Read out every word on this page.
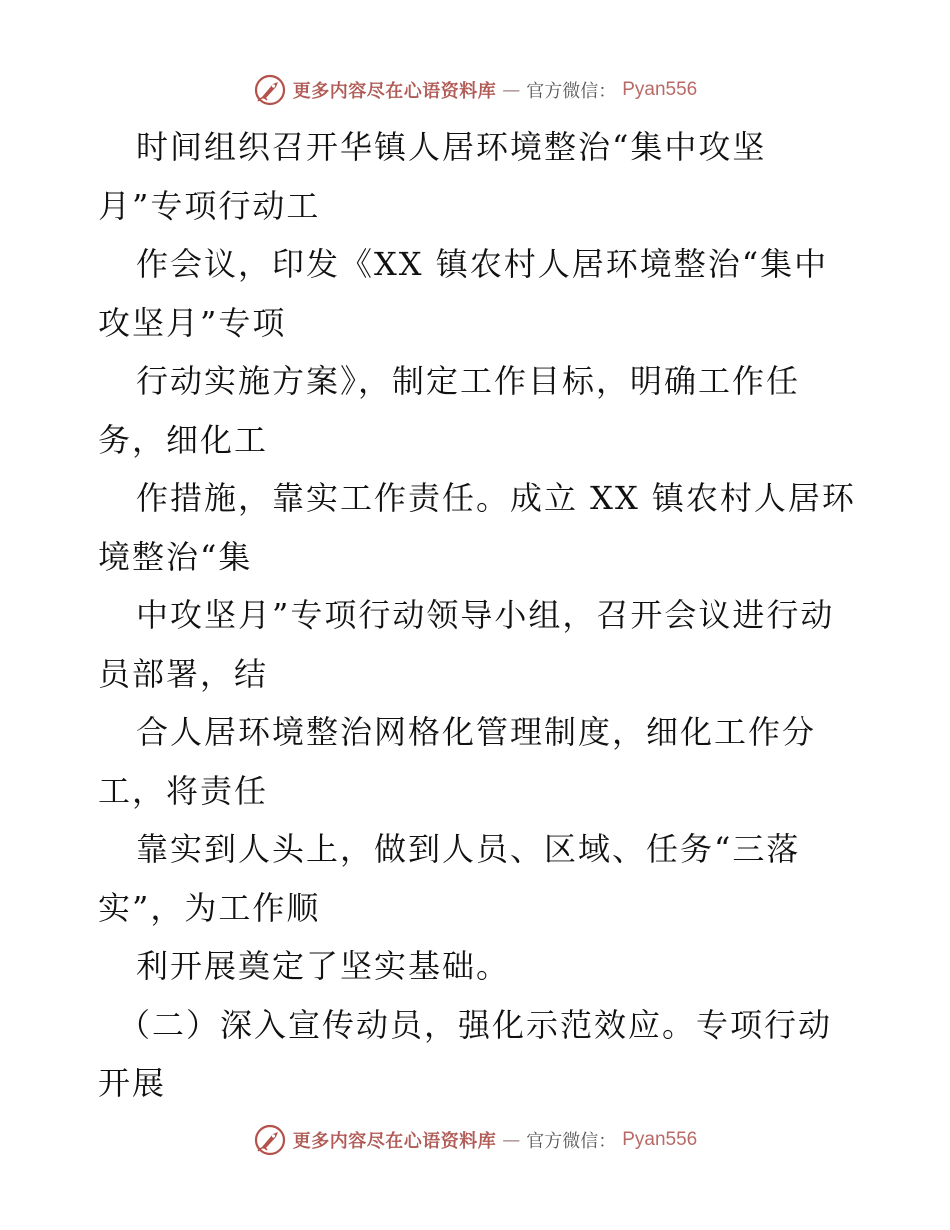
更多内容尽在心语资料库 — 官方微信： Pyan556
时间组织召开华镇人居环境整治“集中攻坚
月”专项行动工
作会议，印发《XX 镇农村人居环境整治“集中
攻坚月”专项
行动实施方案》，制定工作目标，明确工作任
务，细化工
作措施，靠实工作责任。成立 XX 镇农村人居环
境整治“集
中攻坚月”专项行动领导小组，召开会议进行动
员部署，结
合人居环境整治网格化管理制度，细化工作分
工，将责任
靠实到人头上，做到人员、区域、任务“三落
实”，为工作顺
利开展奠定了坚实基础。
（二）深入宣传动员，强化示范效应。专项行动
开展
更多内容尽在心语资料库 — 官方微信： Pyan556
